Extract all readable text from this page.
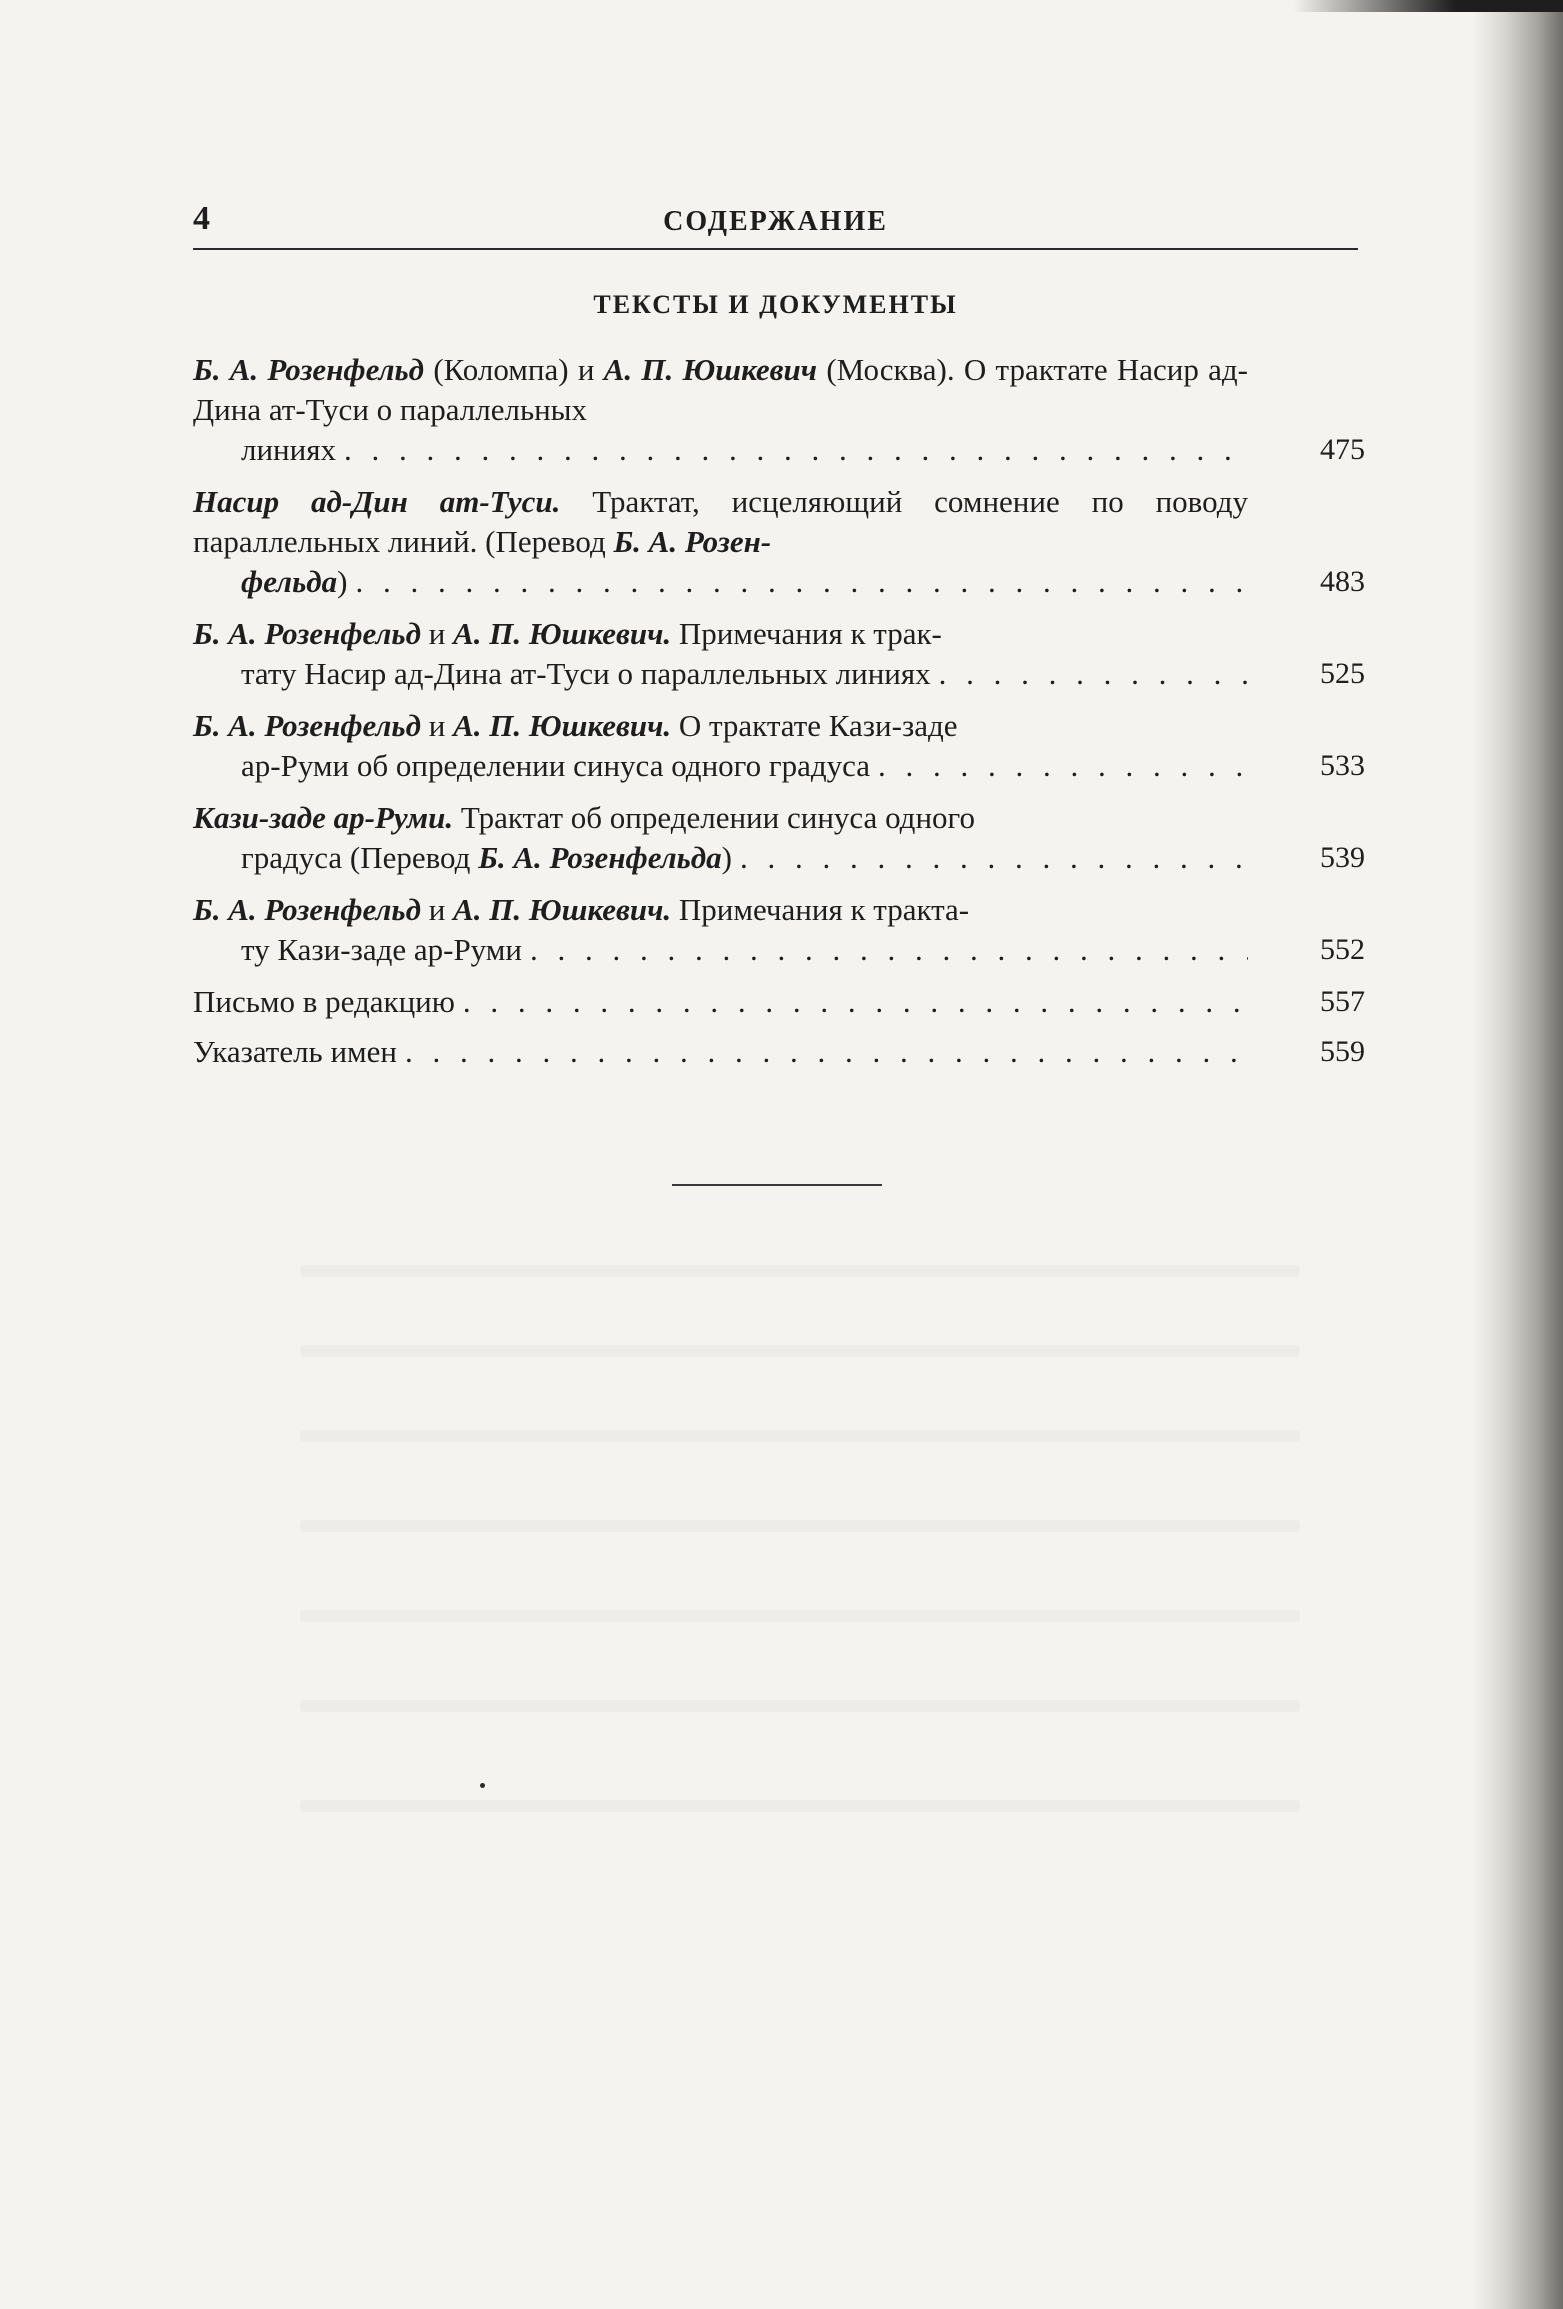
4	СОДЕРЖАНИЕ
ТЕКСТЫ И ДОКУМЕНТЫ
Б. А. Розенфельд (Коломпа) и А. П. Юшкевич (Москва). О трактате Насир ад-Дина ат-Туси о параллельных
линиях . . .	475
Насир ад-Дин ат-Туси. Трактат, исцеляющий сомнение по поводу параллельных линий. (Перевод Б. А. Розен-
фельда) . . .	483
Б. А. Розенфельд и А. П. Юшкевич. Примечания к трак-
тату Насир ад-Дина ат-Туси о параллельных линиях . . .	525
Б. А. Розенфельд и А. П. Юшкевич. О трактате Кази-заде
ар-Руми об определении синуса одного градуса . . .	533
Кази-заде ар-Руми. Трактат об определении синуса одного
градуса (Перевод Б. А. Розенфельда) . . .	539
Б. А. Розенфельд и А. П. Юшкевич. Примечания к тракта-
ту Кази-заде ар-Руми . . .	552
Письмо в редакцию . . .	557
Указатель имен . . .	559
